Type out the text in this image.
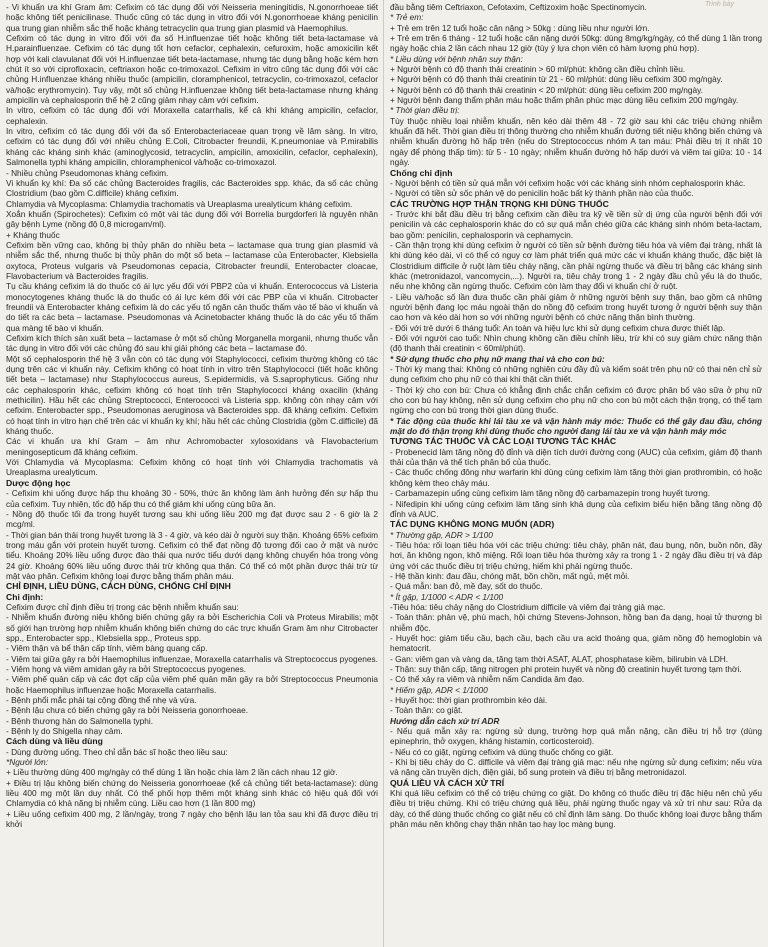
Trình bày

- Vi khuẩn ưa khí Gram âm: Cefixim có tác dụng đối với Neisseria meningitidis, N.gonorrhoeae tiết hoặc không tiết penicilinase. Thuốc cũng có tác dụng in vitro đối với N.gonorrhoeae kháng penicilin qua trung gian nhiễm sắc thể hoặc kháng tetracyclin qua trung gian plasmid và Haemophilus.

Cefixim có tác dụng in vitro đối với đa số H.influenzae tiết hoặc không tiết beta-lactamase và H.parainfluenzae. Cefixim có tác dụng tốt hơn cefaclor, cephalexin, cefuroxim, hoặc amoxicilin kết hợp với kali clavulanat đối với H.influenzae tiết beta-lactamase, nhưng tác dụng bằng hoặc kém hơn chút ít so với ciprofloxacin, ceftriaxon hoặc co-trimoxazol. Cefixim in vitro cũng tác dụng đối với các chủng H.influenzae kháng nhiều thuốc (ampicilin, cloramphenicol, tetracyclin, co-trimoxazol, cefaclor và/hoặc erythromycin). Tuy vậy, một số chủng H.influenzae không tiết beta-lactamase nhưng kháng ampicilin và cephalosporin thế hệ 2 cũng giảm nhạy cảm với cefixim.

In vitro, cefixim có tác dụng đối với Moraxella catarrhalis, kể cả khi kháng ampicilin, cefaclor, cephalexin.

In vitro, cefixim có tác dụng đối với đa số Enterobacteriaceae quan trọng về lâm sàng. In vitro, cefixim có tác dụng đối với nhiều chủng E.Coli, Citrobacter freundii, K.pneumoniae và P.mirabilis kháng các kháng sinh khác (aminoglycosid, tetracyclin, ampicilin, amoxicilin, cefaclor, cephalexin), Salmonella typhi kháng ampicilin, chloramphenicol và/hoặc co-trimoxazol.

- Nhiều chủng Pseudomonas kháng cefixim.

Vi khuẩn kỵ khí: Đa số các chủng Bacteroides fragilis, các Bacteroides spp. khác, đa số các chủng Clostridium (bao gồm C.difficile) kháng cefixim.

Chlamydia và Mycoplasma: Chlamydia trachomatis và Ureaplasma urealyticum kháng cefixim.

Xoắn khuẩn (Spirochetes): Cefixim có một vài tác dụng đối với Borrelia burgdorferi là nguyên nhân gây bệnh Lyme (nồng độ 0,8 microgam/ml).

+ Kháng thuốc

Cefixim bền vững cao, không bị thủy phân do nhiều beta – lactamase qua trung gian plasmid và nhiễm sắc thể, nhưng thuốc bị thủy phân do một số beta – lactamase của Enterobacter, Klebsiella oxytoca, Proteus vulgaris và Pseudomonas cepacia, Citrobacter freundii, Enterobacter cloacae, Flavobacterium và Bacteroides fragilis.

Tụ cầu kháng cefixim là do thuốc có ái lực yếu đối với PBP2 của vi khuẩn. Enterococcus và Listeria monocytogenes kháng thuốc là do thuốc có ái lực kém đối với các PBP của vi khuẩn. Citrobacter freundii và Enterobacter kháng cefixim là do các yếu tố ngăn cản thuốc thấm vào tế bào vi khuẩn và do tiết ra các beta – lactamase. Pseudomonas và Acinetobacter kháng thuốc là do các yếu tố thấm qua màng tế bào vi khuẩn.

Cefixim kích thích sản xuất beta – lactamase ở một số chủng Morganella morganii, nhưng thuốc vẫn tác dụng in vitro đối với các chủng đó sau khi giải phóng các beta – lactamase đó.

Một số cephalosporin thế hệ 3 vẫn còn có tác dụng với Staphylococci, cefixim thường không có tác dụng trên các vi khuẩn này. Cefixim không có hoạt tính in vitro trên Staphylococci (tiết hoặc không tiết beta – lactamase) như Staphylococcus aureus, S.epidermidis, và S.saprophyticus. Giống như các cephalosporin khác, cefixim không có hoạt tính trên Staphylococci kháng oxacilin (kháng methicilin). Hầu hết các chủng Streptococci, Enterococci và Listeria spp. không còn nhạy cảm với cefixim. Enterobacter spp., Pseudomonas aeruginosa và Bacteroides spp. đã kháng cefixim. Cefixim có hoạt tính in vitro hạn chế trên các vi khuẩn kỵ khí; hầu hết các chủng Clostridia (gồm C.difficile) đã kháng thuốc.

Các vi khuẩn ưa khí Gram – âm như Achromobacter xylosoxidans và Flavobacterium meningosepticum đã kháng cefixim.

Với Chlamydia và Mycoplasma: Cefixim không có hoạt tính với Chlamydia trachomatis và Ureaplasma urealyticum.

Dược động học

- Cefixim khi uống được hấp thu khoảng 30 - 50%, thức ăn không làm ảnh hưởng đến sự hấp thu của cefixim. Tuy nhiên, tốc độ hấp thu có thể giảm khi uống cùng bữa ăn.

- Nồng độ thuốc tối đa trong huyết tương sau khi uống liều 200 mg đạt được sau 2 - 6 giờ là 2 mcg/ml.

- Thời gian bán thải trong huyết tương là 3 - 4 giờ, và kéo dài ở người suy thận. Khoảng 65% cefixim trong máu gắn với protein huyết tương. Cefixim có thể đạt nồng độ tương đối cao ở mật và nước tiểu. Khoảng 20% liều uống được đào thải qua nước tiểu dưới dạng không chuyển hóa trong vòng 24 giờ. Khoảng 60% liều uống được thải trừ không qua thận. Có thể có một phần được thải trừ từ mật vào phân. Cefixim không loại được bằng thẩm phân máu.

CHỈ ĐỊNH, LIỀU DÙNG, CÁCH DÙNG, CHỐNG CHỈ ĐỊNH

Chỉ định:

Cefixim được chỉ định điều trị trong các bệnh nhiễm khuẩn sau:

- Nhiễm khuẩn đường niệu không biến chứng gây ra bởi Escherichia Coli và Proteus Mirabilis; một số giới hạn trường hợp nhiễm khuẩn không biến chứng do các trực khuẩn Gram âm như Citrobacter spp., Enterobacter spp., Klebsiella spp., Proteus spp.

- Viêm thận và bể thận cấp tính, viêm bàng quang cấp.

- Viêm tai giữa gây ra bởi Haemophilus influenzae, Moraxella catarrhalis và Streptococcus pyogenes.

- Viêm họng và viêm amidan gây ra bởi Streptococcus pyogenes.

- Viêm phế quản cấp và các đợt cấp của viêm phế quản mãn gây ra bởi Streptococcus Pneumonia hoặc Haemophilus influenzae hoặc Moraxella catarrhalis.

- Bệnh phổi mắc phải tại cộng đồng thể nhẹ và vừa.

- Bệnh lậu chưa có biến chứng gây ra bởi Neisseria gonorrhoeae.

- Bệnh thương hàn do Salmonella typhi.

- Bệnh lỵ do Shigella nhạy cảm.

Cách dùng và liều dùng

- Dùng đường uống. Theo chỉ dẫn bác sĩ hoặc theo liều sau:

*Người lớn:

+ Liều thường dùng 400 mg/ngày có thể dùng 1 lần hoặc chia làm 2 lần cách nhau 12 giờ.

+ Điều trị lậu không biến chứng do Neisseria gonorrhoeae (kể cả chủng tiết beta-lactamase): dùng liều 400 mg một lần duy nhất. Có thể phối hợp thêm một kháng sinh khác có hiệu quả đối với Chlamydia có khả năng bị nhiễm cùng. Liều cao hơn (1 lần 800 mg)

+ Liều uống cefixim 400 mg, 2 lần/ngày, trong 7 ngày cho bệnh lậu lan tỏa sau khi đã được điều trị khởi

đầu bằng tiêm Ceftriaxon, Cefotaxim, Ceftizoxim hoặc Spectinomycin.

* Trẻ em:

+ Trẻ em trên 12 tuổi hoặc cân nặng > 50kg : dùng liều như người lớn.

+ Trẻ em trên 6 tháng - 12 tuổi hoặc cân nặng dưới 50kg: dùng 8mg/kg/ngày, có thể dùng 1 lần trong ngày hoặc chia 2 lần cách nhau 12 giờ (tùy ý lựa chọn viên có hàm lượng phù hợp).

* Liều dùng với bệnh nhân suy thận:

+ Người bệnh có độ thanh thải creatinin > 60 ml/phút: không cần điều chỉnh liều.

+ Người bệnh có độ thanh thải creatinin từ 21 - 60 ml/phút: dùng liều cefixim 300 mg/ngày.

+ Người bệnh có độ thanh thải creatinin < 20 ml/phút: dùng liều cefixim 200 mg/ngày.

+ Người bệnh đang thẩm phân máu hoặc thẩm phân phúc mạc dùng liều cefixim 200 mg/ngày.

* Thời gian điều trị:

Tùy thuộc nhiều loại nhiễm khuẩn, nên kéo dài thêm 48 - 72 giờ sau khi các triệu chứng nhiễm khuẩn đã hết. Thời gian điều trị thông thường cho nhiễm khuẩn đường tiết niệu không biến chứng và nhiễm khuẩn đường hô hấp trên (nếu do Streptococcus nhóm A tan máu: Phải điều trị ít nhất 10 ngày để phòng thấp tim): từ 5 - 10 ngày; nhiễm khuẩn đường hô hấp dưới và viêm tai giữa: 10 - 14 ngày.

Chống chỉ định

- Người bệnh có tiền sử quá mẫn với cefixim hoặc với các kháng sinh nhóm cephalosporin khác.

- Người có tiền sử sốc phản vệ do penicilin hoặc bất kỳ thành phần nào của thuốc.

CÁC TRƯỜNG HỢP THẬN TRỌNG KHI DÙNG THUỐC

- Trước khi bắt đầu điều trị bằng cefixim cần điều tra kỹ về tiền sử dị ứng của người bệnh đối với penicilin và các cephalosporin khác do có sự quá mẫn chéo giữa các kháng sinh nhóm beta-lactam, bao gồm: penicilin, cephalosporin và cephamycin.

- Cần thận trọng khi dùng cefixim ở người có tiền sử bệnh đường tiêu hóa và viêm đại tràng, nhất là khi dùng kéo dài, vì có thể có nguy cơ làm phát triển quá mức các vi khuẩn kháng thuốc, đặc biệt là Clostridium difficile ở ruột làm tiêu chảy nặng, cần phải ngừng thuốc và điều trị bằng các kháng sinh khác (metronidazol, vancomycin,...). Người ra, tiêu chảy trong 1 - 2 ngày đầu chủ yếu là do thuốc, nếu nhẹ không cần ngừng thuốc. Cefixim còn làm thay đổi vi khuẩn chí ở ruột.

- Liều và/hoặc số lần đưa thuốc cần phải giảm ở những người bệnh suy thận, bao gồm cả những người bệnh đang lọc máu ngoài thận do nồng độ cefixim trong huyết tương ở người bệnh suy thận cao hơn và kéo dài hơn so với những người bệnh có chức năng thận bình thường.

- Đối với trẻ dưới 6 tháng tuổi: An toàn và hiệu lực khi sử dụng cefixim chưa được thiết lập.

- Đối với người cao tuổi: Nhìn chung không cần điều chỉnh liều, trừ khi có suy giảm chức năng thận (độ thanh thải creatinin < 60ml/phút).

* Sử dụng thuốc cho phụ nữ mang thai và cho con bú:

- Thời kỳ mang thai: Không có những nghiên cứu đầy đủ và kiểm soát trên phụ nữ có thai nên chỉ sử dụng cefixim cho phụ nữ có thai khi thật cần thiết.

- Thời kỳ cho con bú: Chưa có khẳng định chắc chắn cefixim có được phân bố vào sữa ở phụ nữ cho con bú hay không, nên sử dụng cefixim cho phụ nữ cho con bú một cách thận trọng, có thể tạm ngừng cho con bú trong thời gian dùng thuốc.

* Tác động của thuốc khi lái tàu xe và vận hành máy móc: Thuốc có thể gây đau đầu, chóng mặt do đó thận trọng khi dùng thuốc cho người đang lái tàu xe và vận hành máy móc

TƯƠNG TÁC THUỐC VÀ CÁC LOẠI TƯƠNG TÁC KHÁC

- Probenecid làm tăng nồng độ đỉnh và diện tích dưới đường cong (AUC) của cefixim, giảm độ thanh thải của thận và thể tích phân bố của thuốc.

- Các thuốc chống đông như warfarin khi dùng cùng cefixim làm tăng thời gian prothrombin, có hoặc không kèm theo chảy máu.

- Carbamazepin uống cùng cefixim làm tăng nồng độ carbamazepin trong huyết tương.

- Nifedipin khi uống cùng cefixim làm tăng sinh khả dụng của cefixim biểu hiện bằng tăng nồng độ đỉnh và AUC.

TÁC DỤNG KHÔNG MONG MUỐN (ADR)

* Thường gặp, ADR > 1/100

- Tiêu hóa: rối loạn tiêu hóa với các triệu chứng: tiêu chảy, phân nát, đau bụng, nôn, buồn nôn, đầy hơi, ăn không ngon, khô miệng. Rối loạn tiêu hóa thường xảy ra trong 1 - 2 ngày đầu điều trị và đáp ứng với các thuốc điều trị triệu chứng, hiếm khi phải ngừng thuốc.

- Hệ thần kinh: đau đầu, chóng mặt, bồn chồn, mất ngủ, mệt mỏi.

- Quá mẫn: ban đỏ, mề đay, sốt do thuốc.

* Ít gặp, 1/1000 < ADR < 1/100

-Tiêu hóa: tiêu chảy nặng do Clostridium difficile và viêm đại tràng giả mạc.

- Toàn thân: phản vệ, phù mạch, hội chứng Stevens-Johnson, hồng ban đa dạng, hoại tử thượng bì nhiễm độc.

- Huyết học: giảm tiểu cầu, bạch cầu, bạch cầu ưa acid thoáng qua, giảm nồng độ hemoglobin và hematocrit.

- Gan: viêm gan và vàng da, tăng tạm thời ASAT, ALAT, phosphatase kiềm, bilirubin và LDH.

- Thận: suy thận cấp, tăng nitrogen phi protein huyết và nồng độ creatinin huyết tương tạm thời.

- Có thể xảy ra viêm và nhiễm nấm Candida âm đạo.

* Hiếm gặp, ADR < 1/1000

- Huyết học: thời gian prothrombin kéo dài.

- Toàn thân: co giật.

Hướng dẫn cách xử trí ADR

- Nếu quá mẫn xảy ra: ngừng sử dụng, trường hợp quá mẫn nặng, cần điều trị hỗ trợ (dùng epinephrin, thở oxygen, kháng histamin, corticosteroid).

- Nếu có co giật, ngừng cefixim và dùng thuốc chống co giật.

- Khi bị tiêu chảy do C. difficile và viêm đại tràng giả mạc: nếu nhẹ ngừng sử dụng cefixim; nếu vừa và nặng cần truyền dịch, điện giải, bổ sung protein và điều trị bằng metronidazol.

QUÁ LIỀU VÀ CÁCH XỬ TRÍ

Khi quá liều cefixim có thể có triệu chứng co giật. Do không có thuốc điều trị đặc hiệu nên chủ yếu điều trị triệu chứng. Khi có triệu chứng quá liều, phải ngừng thuốc ngay và xử trí như sau: Rửa dạ dày, có thể dùng thuốc chống co giật nếu có chỉ định lâm sàng. Do thuốc không loại được bằng thẩm phân máu nên không chạy thận nhân tạo hay lọc màng bụng.
